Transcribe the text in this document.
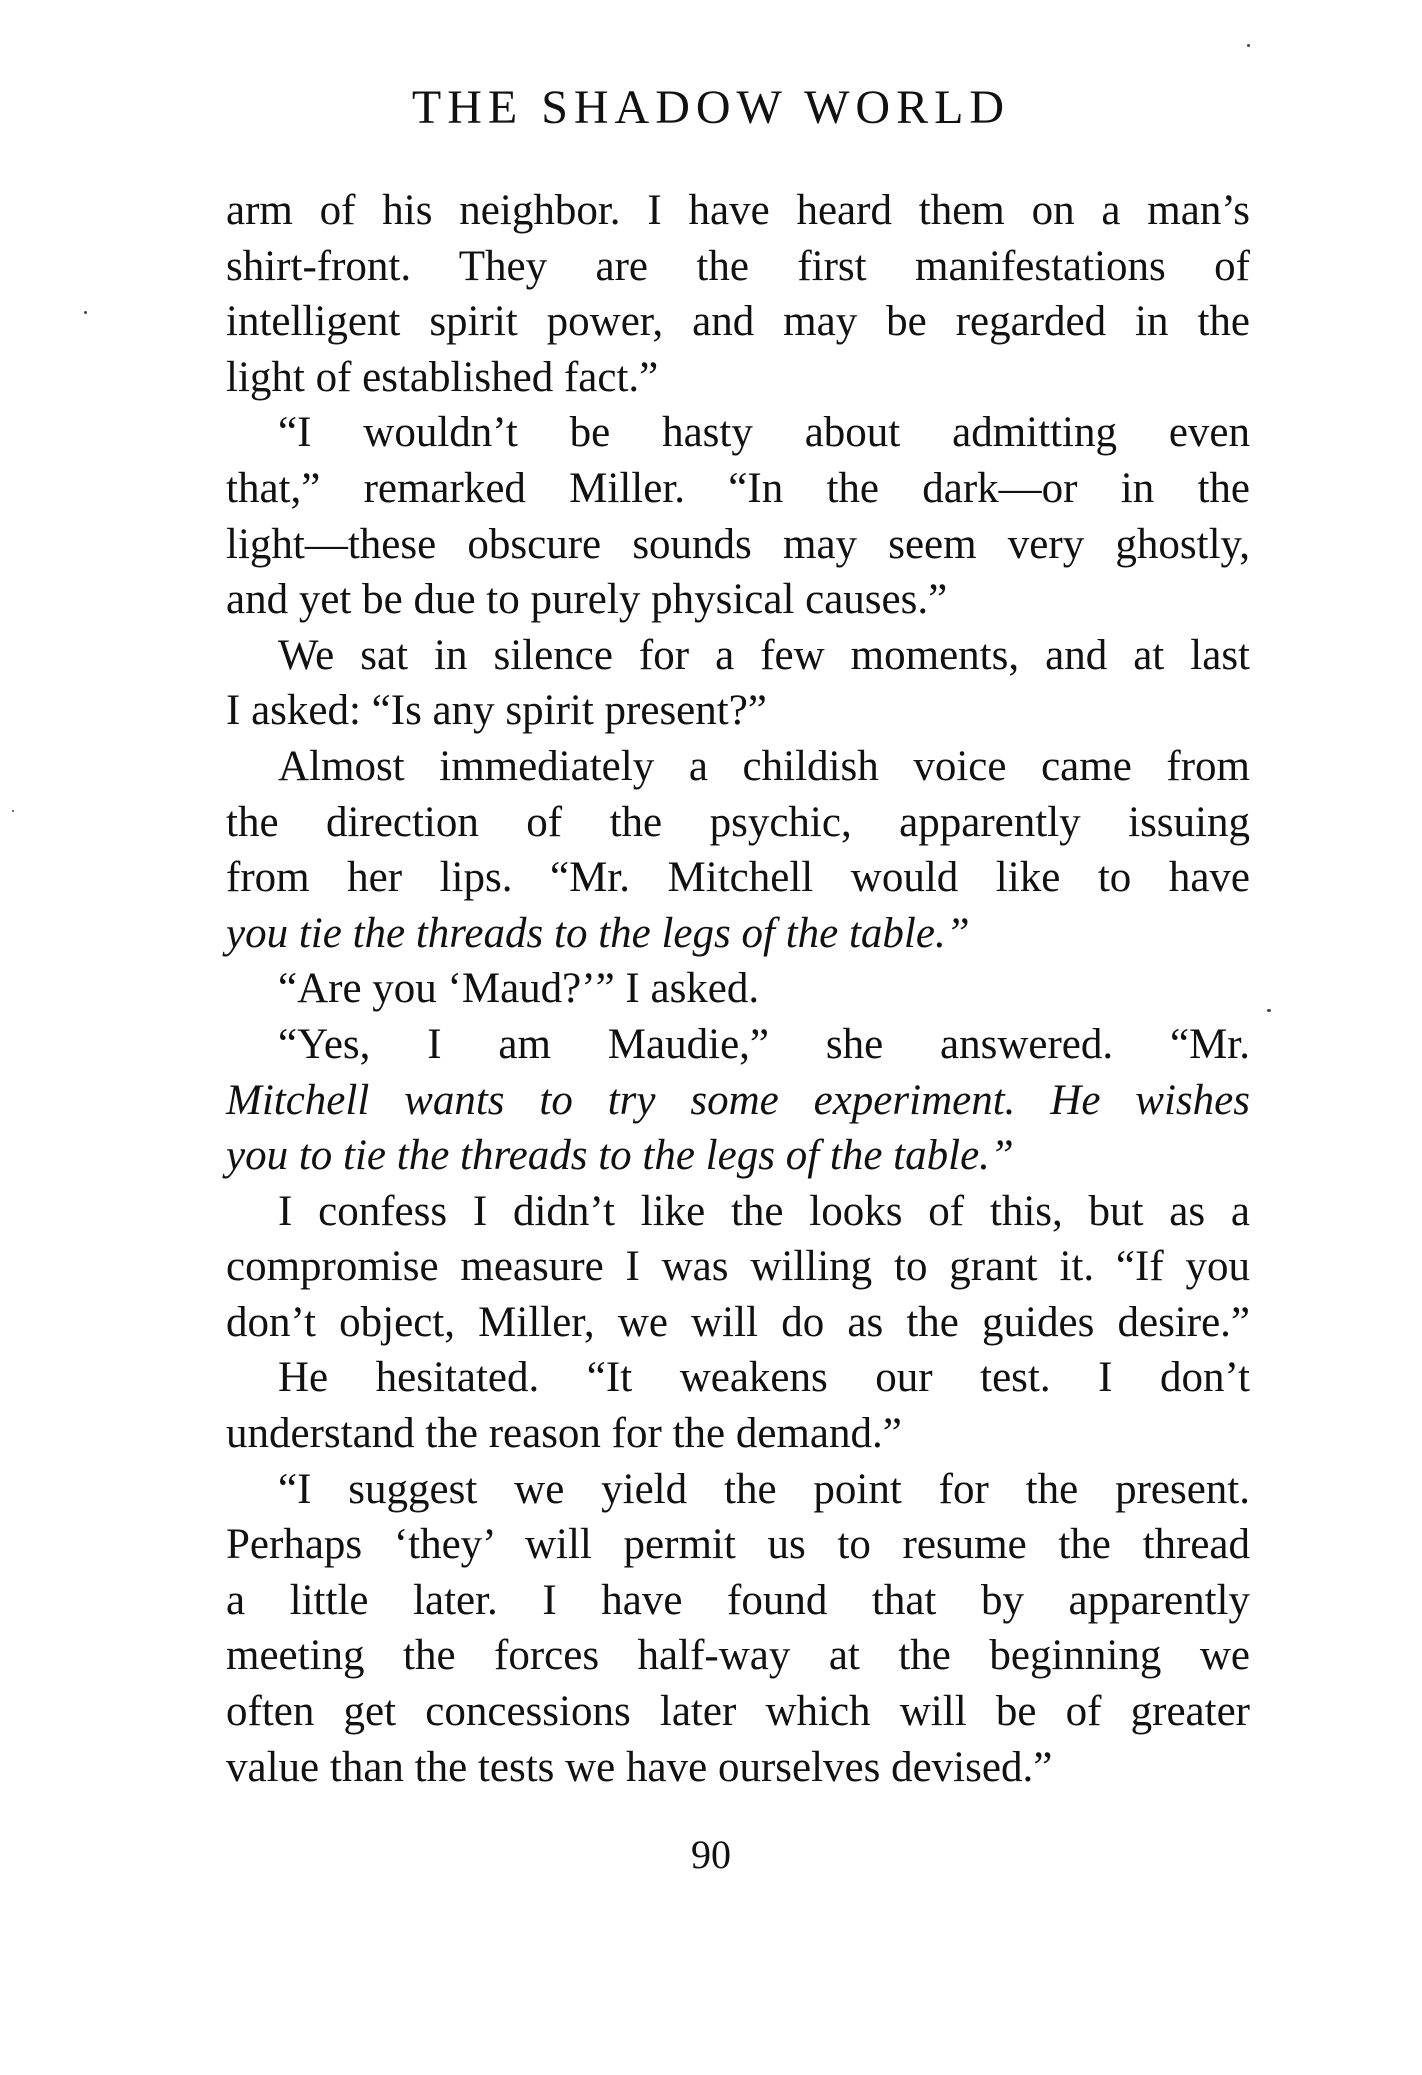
THE SHADOW WORLD
arm of his neighbor. I have heard them on a man’s
shirt-front. They are the first manifestations of
intelligent spirit power, and may be regarded in the
light of established fact.”
“I wouldn’t be hasty about admitting even
that,” remarked Miller. “In the dark—or in the
light—these obscure sounds may seem very ghostly,
and yet be due to purely physical causes.”
We sat in silence for a few moments, and at last
I asked: “Is any spirit present?”
Almost immediately a childish voice came from
the direction of the psychic, apparently issuing
from her lips. “Mr. Mitchell would like to have
you tie the threads to the legs of the table.”
“Are you ‘Maud?’” I asked.
“Yes, I am Maudie,” she answered. “Mr.
Mitchell wants to try some experiment. He wishes
you to tie the threads to the legs of the table.”
I confess I didn’t like the looks of this, but as a
compromise measure I was willing to grant it. “If you
don’t object, Miller, we will do as the guides desire.”
He hesitated. “It weakens our test. I don’t
understand the reason for the demand.”
“I suggest we yield the point for the present.
Perhaps ‘they’ will permit us to resume the thread
a little later. I have found that by apparently
meeting the forces half-way at the beginning we
often get concessions later which will be of greater
value than the tests we have ourselves devised.”
90
